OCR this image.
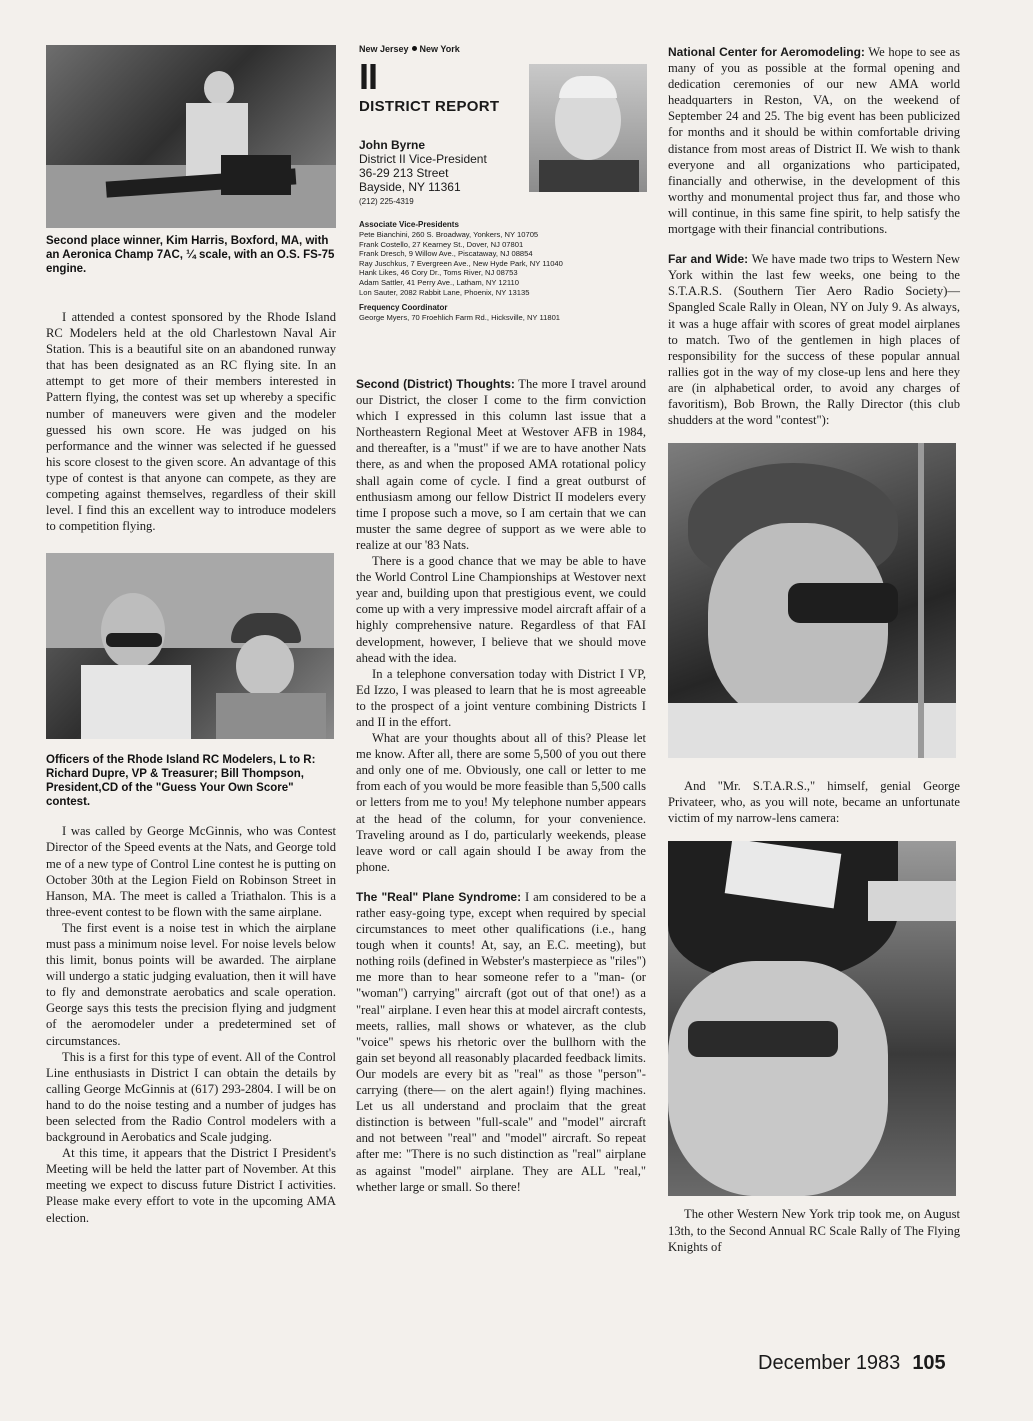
Second place winner, Kim Harris, Boxford, MA, with an Aeronica Champ 7AC, ¼ scale, with an O.S. FS-75 engine.

I attended a contest sponsored by the Rhode Island RC Modelers held at the old Charlestown Naval Air Station. This is a beautiful site on an abandoned runway that has been designated as an RC flying site. In an attempt to get more of their members interested in Pattern flying, the contest was set up whereby a specific number of maneuvers were given and the modeler guessed his own score. He was judged on his performance and the winner was selected if he guessed his score closest to the given score. An advantage of this type of contest is that anyone can compete, as they are competing against themselves, regardless of their skill level. I find this an excellent way to introduce modelers to competition flying.

Officers of the Rhode Island RC Modelers, L to R: Richard Dupre, VP & Treasurer; Bill Thompson, President,CD of the "Guess Your Own Score" contest.

I was called by George McGinnis, who was Contest Director of the Speed events at the Nats, and George told me of a new type of Control Line contest he is putting on October 30th at the Legion Field on Robinson Street in Hanson, MA. The meet is called a Triathalon. This is a three-event contest to be flown with the same airplane.

The first event is a noise test in which the airplane must pass a minimum noise level. For noise levels below this limit, bonus points will be awarded. The airplane will undergo a static judging evaluation, then it will have to fly and demonstrate aerobatics and scale operation. George says this tests the precision flying and judgment of the aeromodeler under a predetermined set of circumstances.

This is a first for this type of event. All of the Control Line enthusiasts in District I can obtain the details by calling George McGinnis at (617) 293-2804. I will be on hand to do the noise testing and a number of judges has been selected from the Radio Control modelers with a background in Aerobatics and Scale judging.

At this time, it appears that the District I President's Meeting will be held the latter part of November. At this meeting we expect to discuss future District I activities. Please make every effort to vote in the upcoming AMA election.

New Jersey New York
II
DISTRICT REPORT
John Byrne
District II Vice-President
36-29 213 Street
Bayside, NY 11361
(212) 225-4319
Associate Vice-Presidents
Pete Bianchini, 260 S. Broadway, Yonkers, NY 10705
Frank Costello, 27 Kearney St., Dover, NJ 07801
Frank Dresch, 9 Willow Ave., Piscataway, NJ 08854
Ray Juschkus, 7 Evergreen Ave., New Hyde Park, NY 11040
Hank Likes, 46 Cory Dr., Toms River, NJ 08753
Adam Sattler, 41 Perry Ave., Latham, NY 12110
Lon Sauter, 2082 Rabbit Lane, Phoenix, NY 13135
Frequency Coordinator
George Myers, 70 Froehlich Farm Rd., Hicksville, NY 11801

Second (District) Thoughts: The more I travel around our District, the closer I come to the firm conviction which I expressed in this column last issue that a Northeastern Regional Meet at Westover AFB in 1984, and thereafter, is a "must" if we are to have another Nats there, as and when the proposed AMA rotational policy shall again come of cycle. I find a great outburst of enthusiasm among our fellow District II modelers every time I propose such a move, so I am certain that we can muster the same degree of support as we were able to realize at our '83 Nats.

There is a good chance that we may be able to have the World Control Line Championships at Westover next year and, building upon that prestigious event, we could come up with a very impressive model aircraft affair of a highly comprehensive nature. Regardless of that FAI development, however, I believe that we should move ahead with the idea.

In a telephone conversation today with District I VP, Ed Izzo, I was pleased to learn that he is most agreeable to the prospect of a joint venture combining Districts I and II in the effort.

What are your thoughts about all of this? Please let me know. After all, there are some 5,500 of you out there and only one of me. Obviously, one call or letter to me from each of you would be more feasible than 5,500 calls or letters from me to you! My telephone number appears at the head of the column, for your convenience. Traveling around as I do, particularly weekends, please leave word or call again should I be away from the phone.

The "Real" Plane Syndrome: I am considered to be a rather easy-going type, except when required by special circumstances to meet other qualifications (i.e., hang tough when it counts! At, say, an E.C. meeting), but nothing roils (defined in Webster's masterpiece as "riles") me more than to hear someone refer to a "man- (or "woman") carrying" aircraft (got out of that one!) as a "real" airplane. I even hear this at model aircraft contests, meets, rallies, mall shows or whatever, as the club "voice" spews his rhetoric over the bullhorn with the gain set beyond all reasonably placarded feedback limits. Our models are every bit as "real" as those "person"-carrying (there— on the alert again!) flying machines. Let us all understand and proclaim that the great distinction is between "full-scale" and "model" aircraft and not between "real" and "model" aircraft. So repeat after me: "There is no such distinction as "real" airplane as against "model" airplane. They are ALL "real," whether large or small. So there!

National Center for Aeromodeling: We hope to see as many of you as possible at the formal opening and dedication ceremonies of our new AMA world headquarters in Reston, VA, on the weekend of September 24 and 25. The big event has been publicized for months and it should be within comfortable driving distance from most areas of District II. We wish to thank everyone and all organizations who participated, financially and otherwise, in the development of this worthy and monumental project thus far, and those who will continue, in this same fine spirit, to help satisfy the mortgage with their financial contributions.

Far and Wide: We have made two trips to Western New York within the last few weeks, one being to the S.T.A.R.S. (Southern Tier Aero Radio Society)—Spangled Scale Rally in Olean, NY on July 9. As always, it was a huge affair with scores of great model airplanes to match. Two of the gentlemen in high places of responsibility for the success of these popular annual rallies got in the way of my close-up lens and here they are (in alphabetical order, to avoid any charges of favoritism), Bob Brown, the Rally Director (this club shudders at the word "contest"):

And "Mr. S.T.A.R.S.," himself, genial George Privateer, who, as you will note, became an unfortunate victim of my narrow-lens camera:

The other Western New York trip took me, on August 13th, to the Second Annual RC Scale Rally of The Flying Knights of

December 1983 105
